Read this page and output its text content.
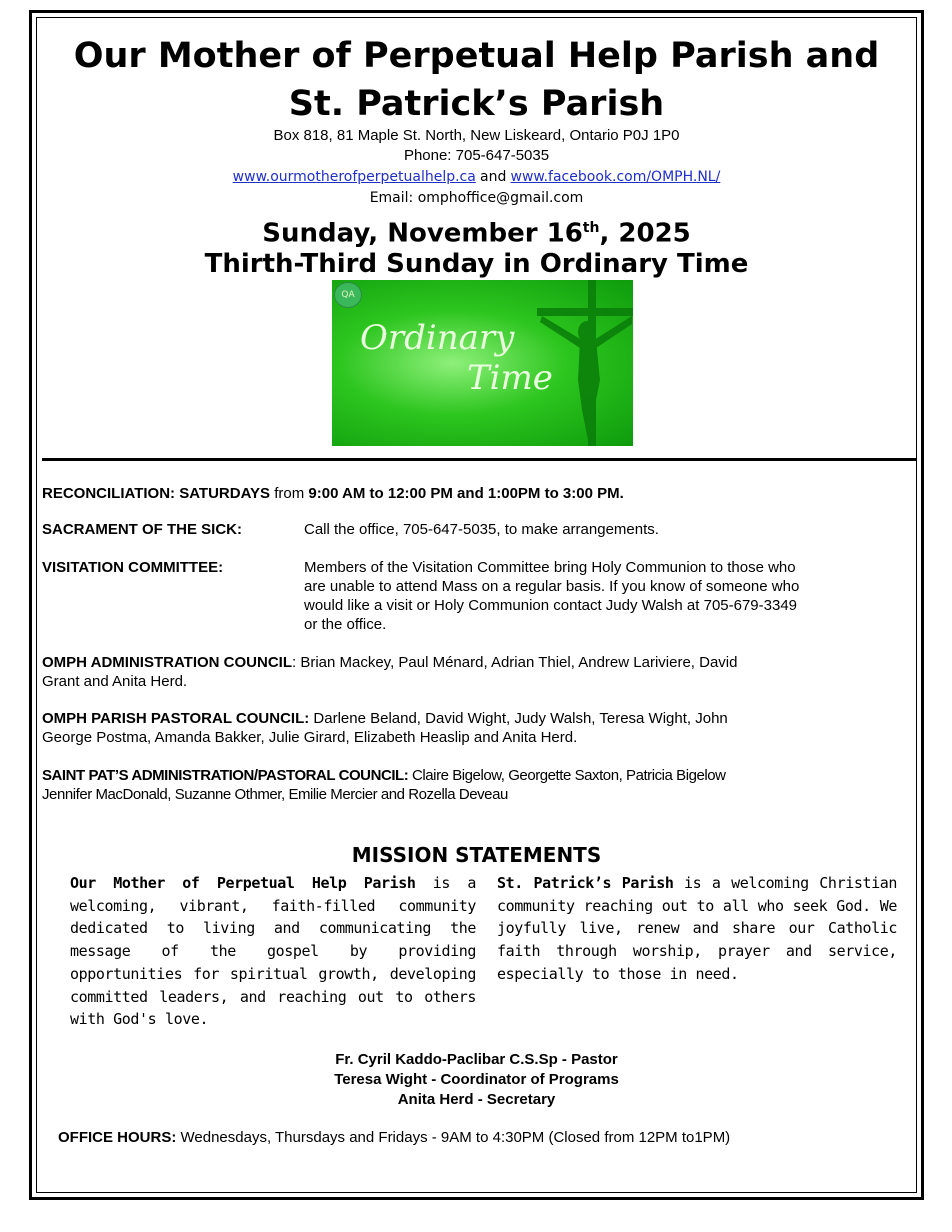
Our Mother of Perpetual Help Parish and
St. Patrick’s Parish
Box 818, 81 Maple St. North, New Liskeard, Ontario P0J 1P0
Phone: 705-647-5035
www.ourmotherofperpetualhelp.ca and www.facebook.com/OMPH.NL/
Email: omphoffice@gmail.com
Sunday, November 16th, 2025
Thirth-Third Sunday in Ordinary Time
QA
Ordinary
Time
RECONCILIATION: SATURDAYS from 9:00 AM to 12:00 PM and 1:00PM to 3:00 PM.
SACRAMENT OF THE SICK:	Call the office, 705-647-5035, to make arrangements.
VISITATION COMMITTEE:	Members of the Visitation Committee bring Holy Communion to those who
are unable to attend Mass on a regular basis. If you know of someone who
would like a visit or Holy Communion contact Judy Walsh at 705-679-3349
or the office.
OMPH ADMINISTRATION COUNCIL: Brian Mackey, Paul Ménard, Adrian Thiel, Andrew Lariviere, David
Grant and Anita Herd.
OMPH PARISH PASTORAL COUNCIL: Darlene Beland, David Wight, Judy Walsh, Teresa Wight, John
George Postma, Amanda Bakker, Julie Girard, Elizabeth Heaslip and Anita Herd.
SAINT PAT’S ADMINISTRATION/PASTORAL COUNCIL: Claire Bigelow, Georgette Saxton, Patricia Bigelow
Jennifer MacDonald, Suzanne Othmer, Emilie Mercier and Rozella Deveau
MISSION STATEMENTS
Our Mother of Perpetual Help Parish is a welcoming, vibrant, faith-filled community dedicated to living and communicating the message of the gospel by providing opportunities for spiritual growth, developing committed leaders, and reaching out to others with God's love.
St. Patrick’s Parish is a welcoming Christian community reaching out to all who seek God. We joyfully live, renew and share our Catholic faith through worship, prayer and service, especially to those in need.
Fr. Cyril Kaddo-Paclibar C.S.Sp - Pastor
Teresa Wight - Coordinator of Programs
Anita Herd - Secretary
OFFICE HOURS: Wednesdays, Thursdays and Fridays - 9AM to 4:30PM (Closed from 12PM to1PM)
